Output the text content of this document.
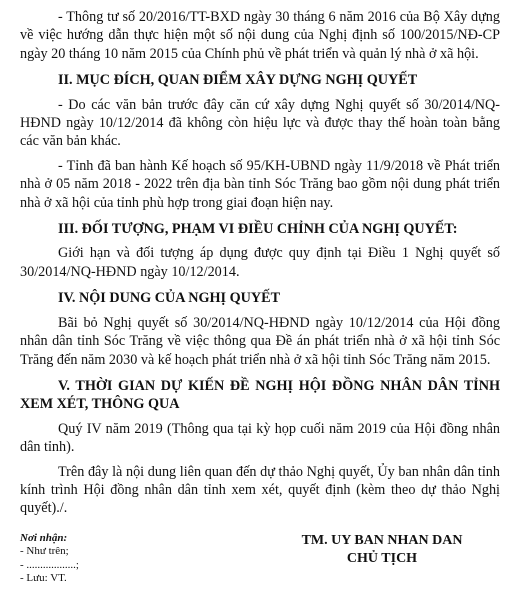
- Thông tư số 20/2016/TT-BXD ngày 30 tháng 6 năm 2016 của Bộ Xây dựng về việc hướng dẫn thực hiện một số nội dung của Nghị định số 100/2015/NĐ-CP ngày 20 tháng 10 năm 2015 của Chính phủ về phát triển và quản lý nhà ở xã hội.

II. MỤC ĐÍCH, QUAN ĐIỂM XÂY DỰNG NGHỊ QUYẾT

- Do các văn bản trước đây căn cứ xây dựng Nghị quyết số 30/2014/NQ-HĐND ngày 10/12/2014 đã không còn hiệu lực và được thay thế hoàn toàn bằng các văn bản khác.

- Tỉnh đã ban hành Kế hoạch số 95/KH-UBND ngày 11/9/2018 về Phát triển nhà ở 05 năm 2018 - 2022 trên địa bàn tỉnh Sóc Trăng bao gồm nội dung phát triển nhà ở xã hội của tỉnh phù hợp trong giai đoạn hiện nay.

III. ĐỐI TƯỢNG, PHẠM VI ĐIỀU CHỈNH CỦA NGHỊ QUYẾT:

Giới hạn và đối tượng áp dụng được quy định tại Điều 1 Nghị quyết số 30/2014/NQ-HĐND ngày 10/12/2014.

IV. NỘI DUNG CỦA NGHỊ QUYẾT

Bãi bỏ Nghị quyết số 30/2014/NQ-HĐND ngày 10/12/2014 của Hội đồng nhân dân tỉnh Sóc Trăng về việc thông qua Đề án phát triển nhà ở xã hội tỉnh Sóc Trăng đến năm 2030 và kế hoạch phát triển nhà ở xã hội tỉnh Sóc Trăng năm 2015.

V. THỜI GIAN DỰ KIẾN ĐỀ NGHỊ HỘI ĐỒNG NHÂN DÂN TỈNH XEM XÉT, THÔNG QUA

Quý IV năm 2019 (Thông qua tại kỳ họp cuối năm 2019 của Hội đồng nhân dân tỉnh).

Trên đây là nội dung liên quan đến dự thảo Nghị quyết, Ủy ban nhân dân tỉnh kính trình Hội đồng nhân dân tỉnh xem xét, quyết định (kèm theo dự thảo Nghị quyết)./.

Nơi nhận:
- Như trên;
- ..................;
- Lưu: VT.
TM. UY BAN NHAN DAN
CHỦ TỊCH
